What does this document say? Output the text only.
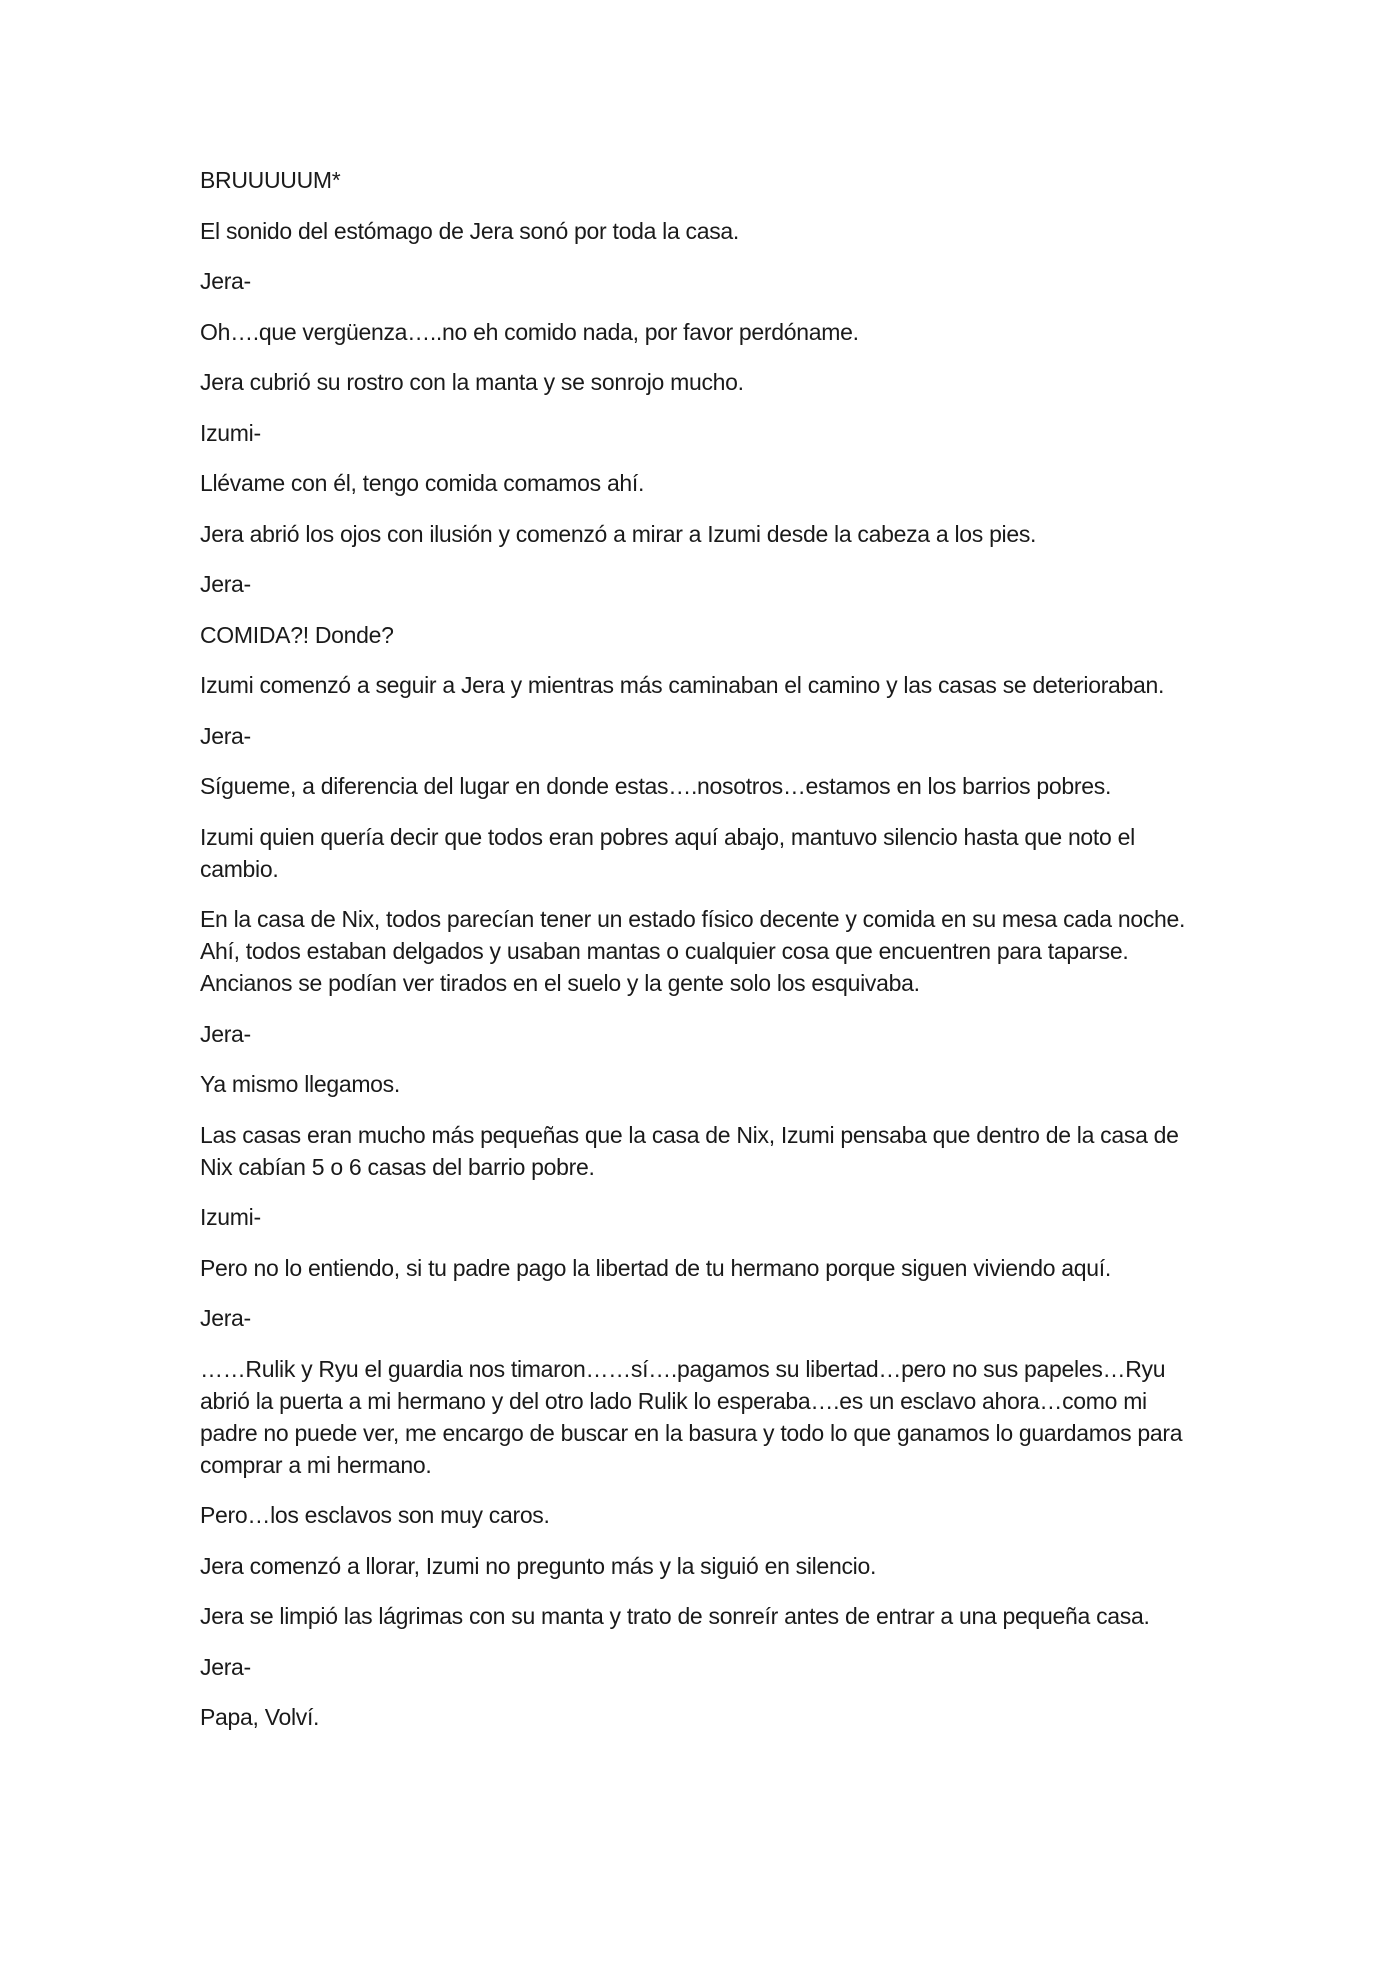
BRUUUUUM*

El sonido del estómago de Jera sonó por toda la casa.

Jera-

Oh….que vergüenza…..no eh comido nada, por favor perdóname.

Jera cubrió su rostro con la manta y se sonrojo mucho.

Izumi-

Llévame con él, tengo comida comamos ahí.

Jera abrió los ojos con ilusión y comenzó a mirar a Izumi desde la cabeza a los pies.

Jera-

COMIDA?! Donde?

Izumi comenzó a seguir a Jera y mientras más caminaban el camino y las casas se deterioraban.

Jera-

Sígueme, a diferencia del lugar en donde estas….nosotros…estamos en los barrios pobres.

Izumi quien quería decir que todos eran pobres aquí abajo, mantuvo silencio hasta que noto el cambio.

En la casa de Nix, todos parecían tener un estado físico decente y comida en su mesa cada noche. Ahí, todos estaban delgados y usaban mantas o cualquier cosa que encuentren para taparse. Ancianos se podían ver tirados en el suelo y la gente solo los esquivaba.

Jera-

Ya mismo llegamos.

Las casas eran mucho más pequeñas que la casa de Nix, Izumi pensaba que dentro de la casa de Nix cabían 5 o 6 casas del barrio pobre.

Izumi-

Pero no lo entiendo, si tu padre pago la libertad de tu hermano porque siguen viviendo aquí.

Jera-

……Rulik y Ryu el guardia nos timaron……sí….pagamos su libertad…pero no sus papeles…Ryu abrió la puerta a mi hermano y del otro lado Rulik lo esperaba….es un esclavo ahora…como mi padre no puede ver, me encargo de buscar en la basura y todo lo que ganamos lo guardamos para comprar a mi hermano.

Pero…los esclavos son muy caros.

Jera comenzó a llorar, Izumi no pregunto más y la siguió en silencio.

Jera se limpió las lágrimas con su manta y trato de sonreír antes de entrar a una pequeña casa.

Jera-

Papa, Volví.
